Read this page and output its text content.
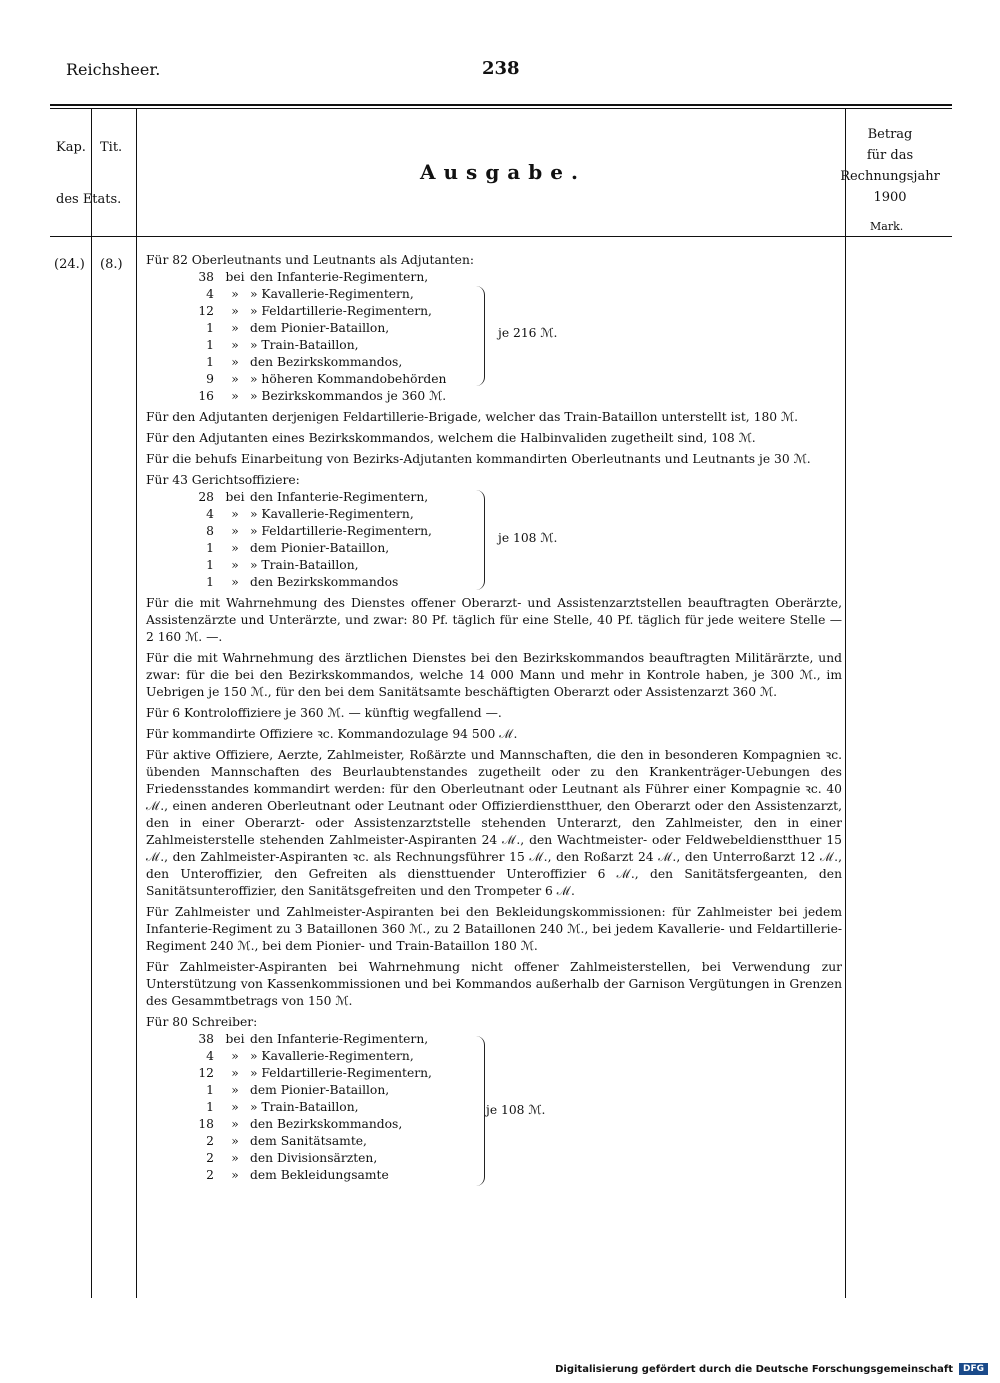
Reichsheer.	238
Kap. Tit.
des Etats.
Ausgabe.
Betrag
für das
Rechnungsjahr
1900
Mark.
(24.) (8.) Für 82 Oberleutnants und Leutnants als Adjutanten:
38 bei den Infanterie-Regimentern,
4	» » Kavallerie-Regimentern,
12	» » Feldartillerie-Regimentern,
1	» dem Pionier-Bataillon,
1	» » Train-Bataillon,
1	» den Bezirkskommandos,
9	» » höheren Kommandobehörden
16	» » Bezirkskommandos je 360 ℳ.
je 216 ℳ.

Für den Adjutanten derjenigen Feldartillerie-Brigade, welcher das Train-Bataillon unterstellt ist, 180 ℳ.

Für den Adjutanten eines Bezirkskommandos, welchem die Halbinvaliden zugetheilt sind, 108 ℳ.

Für die behufs Einarbeitung von Bezirks-Adjutanten kommandirten Oberleutnants und Leutnants je 30 ℳ.

Für 43 Gerichtsoffiziere:
28 bei den Infanterie-Regimentern,
4	» » Kavallerie-Regimentern,
8	» » Feldartillerie-Regimentern,
1	» dem Pionier-Bataillon,
1	» » Train-Bataillon,
1	» den Bezirkskommandos
je 108 ℳ.

Für die mit Wahrnehmung des Dienstes offener Oberarzt- und Assistenzarztstellen beauftragten Oberärzte, Assistenzärzte und Unterärzte, und zwar: 80 Pf. täglich für eine Stelle, 40 Pf. täglich für jede weitere Stelle — 2 160 ℳ. —.

Für die mit Wahrnehmung des ärztlichen Dienstes bei den Bezirkskommandos beauftragten Militärärzte, und zwar: für die bei den Bezirkskommandos, welche 14 000 Mann und mehr in Kontrole haben, je 300 ℳ., im Uebrigen je 150 ℳ., für den bei dem Sanitätsamte beschäftigten Oberarzt oder Assistenzarzt 360 ℳ.

Für 6 Kontroloffiziere je 360 ℳ. — künftig wegfallend —.

Für kommandirte Offiziere ꝛc. Kommandozulage 94 500 ℳ.

Für aktive Offiziere, Aerzte, Zahlmeister, Roßärzte und Mannschaften, die den in besonderen Kompagnien ꝛc. übenden Mannschaften des Beurlaubtenstandes zugetheilt oder zu den Krankenträger-Uebungen des Friedensstandes kommandirt werden: für den Oberleutnant oder Leutnant als Führer einer Kompagnie ꝛc. 40 ℳ., einen anderen Oberleutnant oder Leutnant oder Offizierdienstthuer, den Oberarzt oder den Assistenzarzt, den in einer Oberarzt- oder Assistenzarztstelle stehenden Unterarzt, den Zahlmeister, den in einer Zahlmeisterstelle stehenden Zahlmeister-Aspiranten 24 ℳ., den Wachtmeister- oder Feldwebeldienstthuer 15 ℳ., den Zahlmeister-Aspiranten ꝛc. als Rechnungsführer 15 ℳ., den Roßarzt 24 ℳ., den Unterroßarzt 12 ℳ., den Unteroffizier, den Gefreiten als diensttuender Unteroffizier 6 ℳ., den Sanitätsfergeanten, den Sanitätsunteroffizier, den Sanitätsgefreiten und den Trompeter 6 ℳ.

Für Zahlmeister und Zahlmeister-Aspiranten bei den Bekleidungskommissionen: für Zahlmeister bei jedem Infanterie-Regiment zu 3 Bataillonen 360 ℳ., zu 2 Bataillonen 240 ℳ., bei jedem Kavallerie- und Feldartillerie-Regiment 240 ℳ., bei dem Pionier- und Train-Bataillon 180 ℳ.

Für Zahlmeister-Aspiranten bei Wahrnehmung nicht offener Zahlmeisterstellen, bei Verwendung zur Unterstützung von Kassenkommissionen und bei Kommandos außerhalb der Garnison Vergütungen in Grenzen des Gesammtbetrags von 150 ℳ.

Für 80 Schreiber:
38 bei den Infanterie-Regimentern,
4	» » Kavallerie-Regimentern,
12	» » Feldartillerie-Regimentern,
1	» dem Pionier-Bataillon,
1	» » Train-Bataillon,
18	» den Bezirkskommandos,
2	» dem Sanitätsamte,
2	» den Divisionsärzten,
2	» dem Bekleidungsamte
je 108 ℳ.
Digitalisierung gefördert durch die Deutsche Forschungsgemeinschaft	DFG
